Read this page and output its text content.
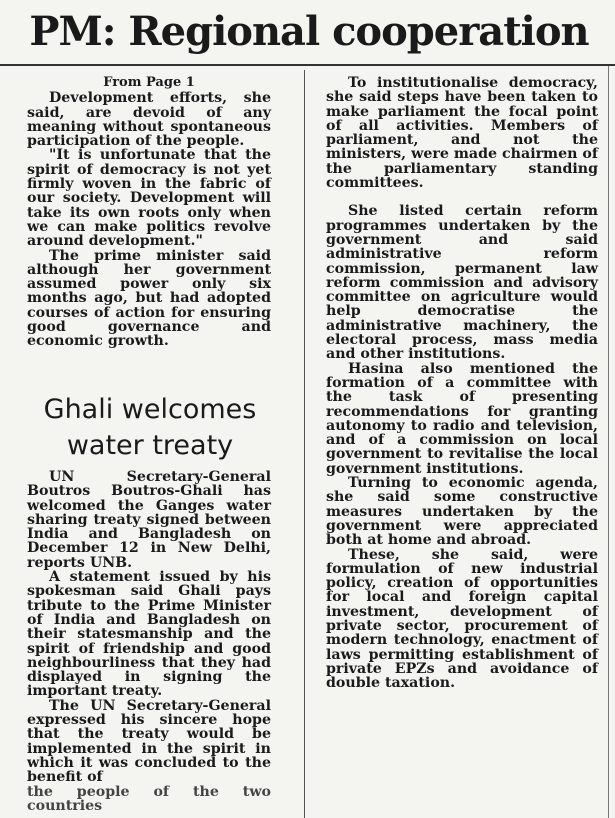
PM: Regional cooperation

From Page 1

Development efforts, she said, are devoid of any meaning without spontaneous participation of the people.

"It is unfortunate that the spirit of democracy is not yet firmly woven in the fabric of our society. Development will take its own roots only when we can make politics revolve around development."

The prime minister said although her government assumed power only six months ago, but had adopted courses of action for ensuring good governance and economic growth.

Ghali welcomes
water treaty

UN Secretary-General Boutros Boutros-Ghali has welcomed the Ganges water sharing treaty signed between India and Bangladesh on December 12 in New Delhi, reports UNB.

A statement issued by his spokesman said Ghali pays tribute to the Prime Minister of India and Bangladesh on their statesmanship and the spirit of friendship and good neighbourliness that they had displayed in signing the important treaty.

The UN Secretary-General expressed his sincere hope that the treaty would be implemented in the spirit in which it was concluded to the benefit of

the people of the two countries

To institutionalise democracy, she said steps have been taken to make parliament the focal point of all activities. Members of parliament, and not the ministers, were made chairmen of the parliamentary standing committees.

She listed certain reform programmes undertaken by the government and said administrative reform commission, permanent law reform commission and advisory committee on agriculture would help democratise the administrative machinery, the electoral process, mass media and other institutions.

Hasina also mentioned the formation of a committee with the task of presenting recommendations for granting autonomy to radio and television, and of a commission on local government to revitalise the local government institutions.

Turning to economic agenda, she said some constructive measures undertaken by the government were appreciated both at home and abroad.

These, she said, were formulation of new industrial policy, creation of opportunities for local and foreign capital investment, development of private sector, procurement of modern technology, enactment of laws permitting establishment of private EPZs and avoidance of double taxation.
